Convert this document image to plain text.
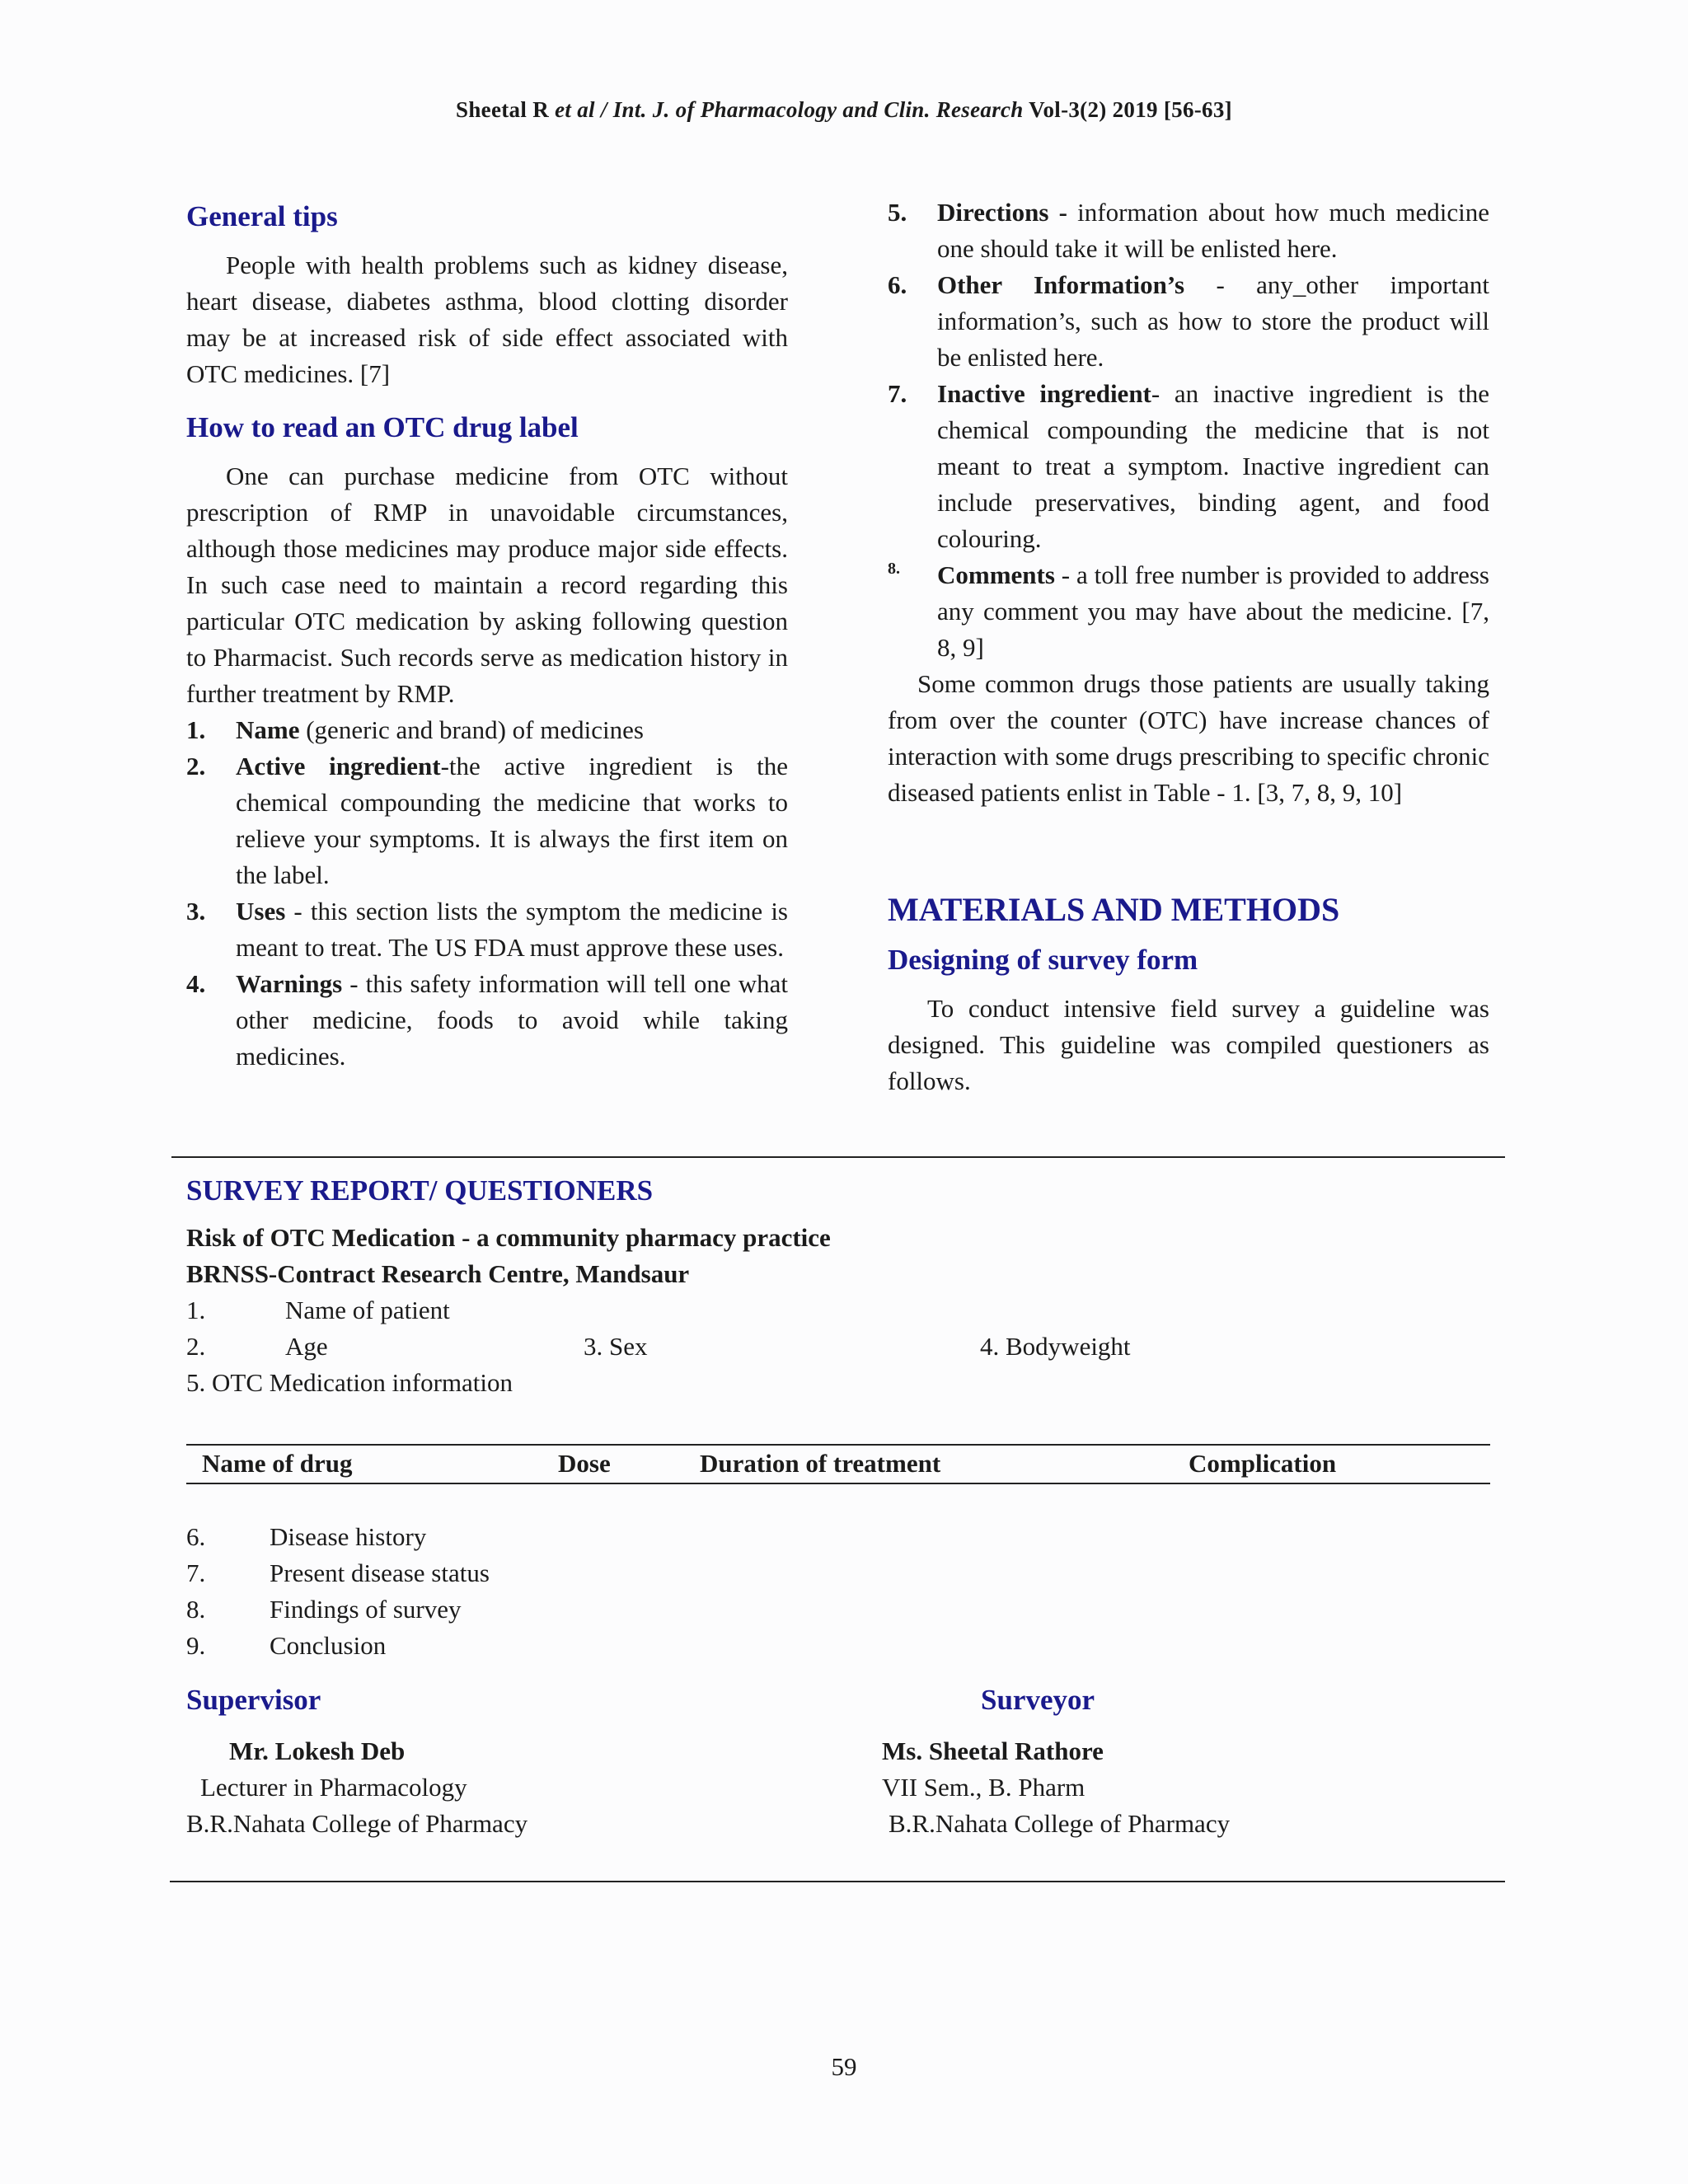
Sheetal R et al / Int. J. of Pharmacology and Clin. Research Vol-3(2) 2019 [56-63]
General tips

People with health problems such as kidney disease, heart disease, diabetes asthma, blood clotting disorder may be at increased risk of side effect associated with OTC medicines. [7]

How to read an OTC drug label

One can purchase medicine from OTC without prescription of RMP in unavoidable circumstances, although those medicines may produce major side effects. In such case need to maintain a record regarding this particular OTC medication by asking following question to Pharmacist. Such records serve as medication history in further treatment by RMP.

1. Name (generic and brand) of medicines
2. Active ingredient-the active ingredient is the chemical compounding the medicine that works to relieve your symptoms. It is always the first item on the label.
3. Uses - this section lists the symptom the medicine is meant to treat. The US FDA must approve these uses.
4. Warnings - this safety information will tell one what other medicine, foods to avoid while taking medicines.
5. Directions - information about how much medicine one should take it will be enlisted here.
6. Other Information’s - any_other important information’s, such as how to store the product will be enlisted here.
7. Inactive ingredient- an inactive ingredient is the chemical compounding the medicine that is not meant to treat a symptom. Inactive ingredient can include preservatives, binding agent, and food colouring.
8. Comments - a toll free number is provided to address any comment you may have about the medicine. [7, 8, 9]

Some common drugs those patients are usually taking from over the counter (OTC) have increase chances of interaction with some drugs prescribing to specific chronic diseased patients enlist in Table - 1. [3, 7, 8, 9, 10]

MATERIALS AND METHODS
Designing of survey form

To conduct intensive field survey a guideline was designed. This guideline was compiled questioners as follows.

SURVEY REPORT/ QUESTIONERS
Risk of OTC Medication - a community pharmacy practice
BRNSS-Contract Research Centre, Mandsaur
1.	Name of patient
2.	Age	3. Sex	4. Bodyweight
5. OTC Medication information
Name of drug	Dose	Duration of treatment	Complication
6.	Disease history
7.	Present disease status
8.	Findings of survey
9.	Conclusion
Supervisor	Surveyor
Mr. Lokesh Deb
Lecturer in Pharmacology
B.R.Nahata College of Pharmacy
Ms. Sheetal Rathore
VII Sem., B. Pharm
B.R.Nahata College of Pharmacy
59
